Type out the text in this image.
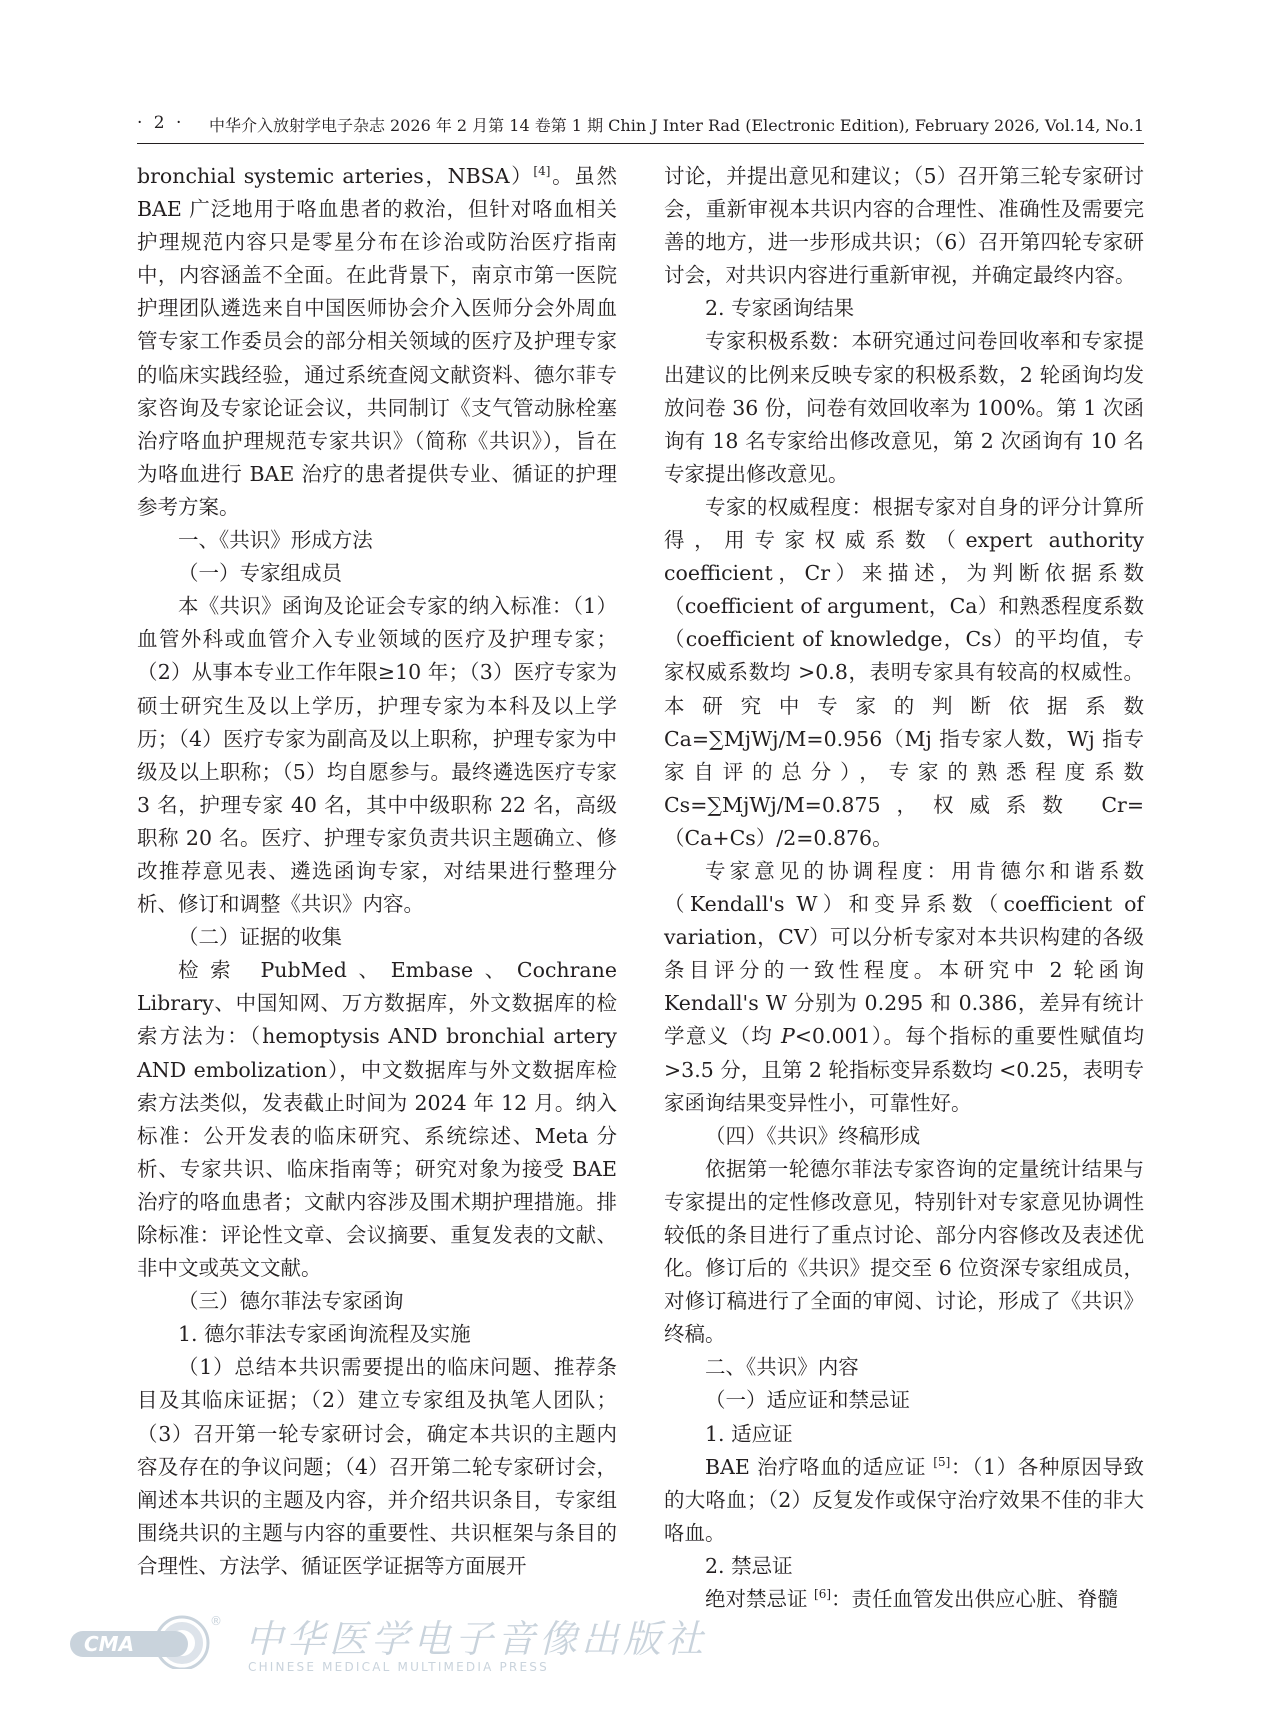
· 2 · 中华介入放射学电子杂志 2026 年 2 月第 14 卷第 1 期 Chin J Inter Rad (Electronic Edition), February 2026, Vol.14, No.1

bronchial systemic arteries，NBSA）[4]。虽然 BAE 广泛地用于咯血患者的救治，但针对咯血相关护理规范内容只是零星分布在诊治或防治医疗指南中，内容涵盖不全面。在此背景下，南京市第一医院护理团队遴选来自中国医师协会介入医师分会外周血管专家工作委员会的部分相关领域的医疗及护理专家的临床实践经验，通过系统查阅文献资料、德尔菲专家咨询及专家论证会议，共同制订《支气管动脉栓塞治疗咯血护理规范专家共识》（简称《共识》），旨在为咯血进行 BAE 治疗的患者提供专业、循证的护理参考方案。

一、《共识》形成方法

（一）专家组成员

本《共识》函询及论证会专家的纳入标准：（1）血管外科或血管介入专业领域的医疗及护理专家；（2）从事本专业工作年限≥10 年；（3）医疗专家为硕士研究生及以上学历，护理专家为本科及以上学历；（4）医疗专家为副高及以上职称，护理专家为中级及以上职称；（5）均自愿参与。最终遴选医疗专家 3 名，护理专家 40 名，其中中级职称 22 名，高级职称 20 名。医疗、护理专家负责共识主题确立、修改推荐意见表、遴选函询专家，对结果进行整理分析、修订和调整《共识》内容。

（二）证据的收集

检索 PubMed、Embase、Cochrane Library、中国知网、万方数据库，外文数据库的检索方法为：（hemoptysis AND bronchial artery AND embolization），中文数据库与外文数据库检索方法类似，发表截止时间为 2024 年 12 月。纳入标准：公开发表的临床研究、系统综述、Meta 分析、专家共识、临床指南等；研究对象为接受 BAE 治疗的咯血患者；文献内容涉及围术期护理措施。排除标准：评论性文章、会议摘要、重复发表的文献、非中文或英文文献。

（三）德尔菲法专家函询

1. 德尔菲法专家函询流程及实施

（1）总结本共识需要提出的临床问题、推荐条目及其临床证据；（2）建立专家组及执笔人团队；（3）召开第一轮专家研讨会，确定本共识的主题内容及存在的争议问题；（4）召开第二轮专家研讨会，阐述本共识的主题及内容，并介绍共识条目，专家组围绕共识的主题与内容的重要性、共识框架与条目的合理性、方法学、循证医学证据等方面展开

讨论，并提出意见和建议；（5）召开第三轮专家研讨会，重新审视本共识内容的合理性、准确性及需要完善的地方，进一步形成共识；（6）召开第四轮专家研讨会，对共识内容进行重新审视，并确定最终内容。

2. 专家函询结果

专家积极系数：本研究通过问卷回收率和专家提出建议的比例来反映专家的积极系数，2 轮函询均发放问卷 36 份，问卷有效回收率为 100%。第 1 次函询有 18 名专家给出修改意见，第 2 次函询有 10 名专家提出修改意见。

专家的权威程度：根据专家对自身的评分计算所得，用专家权威系数（expert authority coefficient，Cr）来描述，为判断依据系数（coefficient of argument，Ca）和熟悉程度系数（coefficient of knowledge，Cs）的平均值，专家权威系数均 >0.8，表明专家具有较高的权威性。本研究中专家的判断依据系数 Ca=∑MjWj/M=0.956（Mj 指专家人数，Wj 指专家自评的总分），专家的熟悉程度系数 Cs=∑MjWj/M=0.875，权威系数 Cr=（Ca+Cs）/2=0.876。

专家意见的协调程度：用肯德尔和谐系数（Kendall's W）和变异系数（coefficient of variation，CV）可以分析专家对本共识构建的各级条目评分的一致性程度。本研究中 2 轮函询 Kendall's W 分别为 0.295 和 0.386，差异有统计学意义（均 P<0.001）。每个指标的重要性赋值均 >3.5 分，且第 2 轮指标变异系数均 <0.25，表明专家函询结果变异性小，可靠性好。

（四）《共识》终稿形成

依据第一轮德尔菲法专家咨询的定量统计结果与专家提出的定性修改意见，特别针对专家意见协调性较低的条目进行了重点讨论、部分内容修改及表述优化。修订后的《共识》提交至 6 位资深专家组成员，对修订稿进行了全面的审阅、讨论，形成了《共识》终稿。

二、《共识》内容

（一）适应证和禁忌证

1. 适应证

BAE 治疗咯血的适应证 [5]：（1）各种原因导致的大咯血；（2）反复发作或保守治疗效果不佳的非大咯血。

2. 禁忌证

绝对禁忌证 [6]：责任血管发出供应心脏、脊髓

CMA
® 中华医学电子音像出版社
CHINESE MEDICAL MULTIMEDIA PRESS
